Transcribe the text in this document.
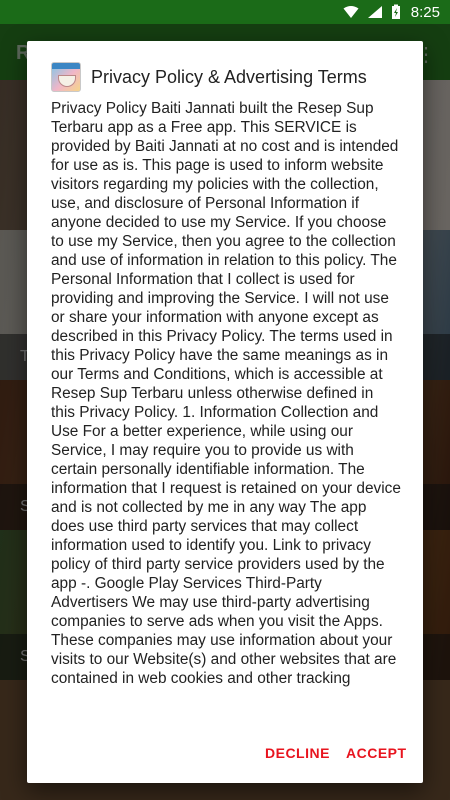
8:25
Privacy Policy & Advertising Terms
Privacy Policy Baiti Jannati built the Resep Sup Terbaru app as a Free app. This SERVICE is provided by Baiti Jannati at no cost and is intended for use as is. This page is used to inform website visitors regarding my policies with the collection, use, and disclosure of Personal Information if anyone decided to use my Service. If you choose to use my Service, then you agree to the collection and use of information in relation to this policy. The Personal Information that I collect is used for providing and improving the Service. I will not use or share your information with anyone except as described in this Privacy Policy. The terms used in this Privacy Policy have the same meanings as in our Terms and Conditions, which is accessible at Resep Sup Terbaru unless otherwise defined in this Privacy Policy. 1. Information Collection and Use For a better experience, while using our Service, I may require you to provide us with certain personally identifiable information. The information that I request is retained on your device and is not collected by me in any way The app does use third party services that may collect information used to identify you. Link to privacy policy of third party service providers used by the app -. Google Play Services Third-Party Advertisers We may use third-party advertising companies to serve ads when you visit the Apps. These companies may use information about your visits to our Website(s) and other websites that are contained in web cookies and other tracking
DECLINE	ACCEPT
